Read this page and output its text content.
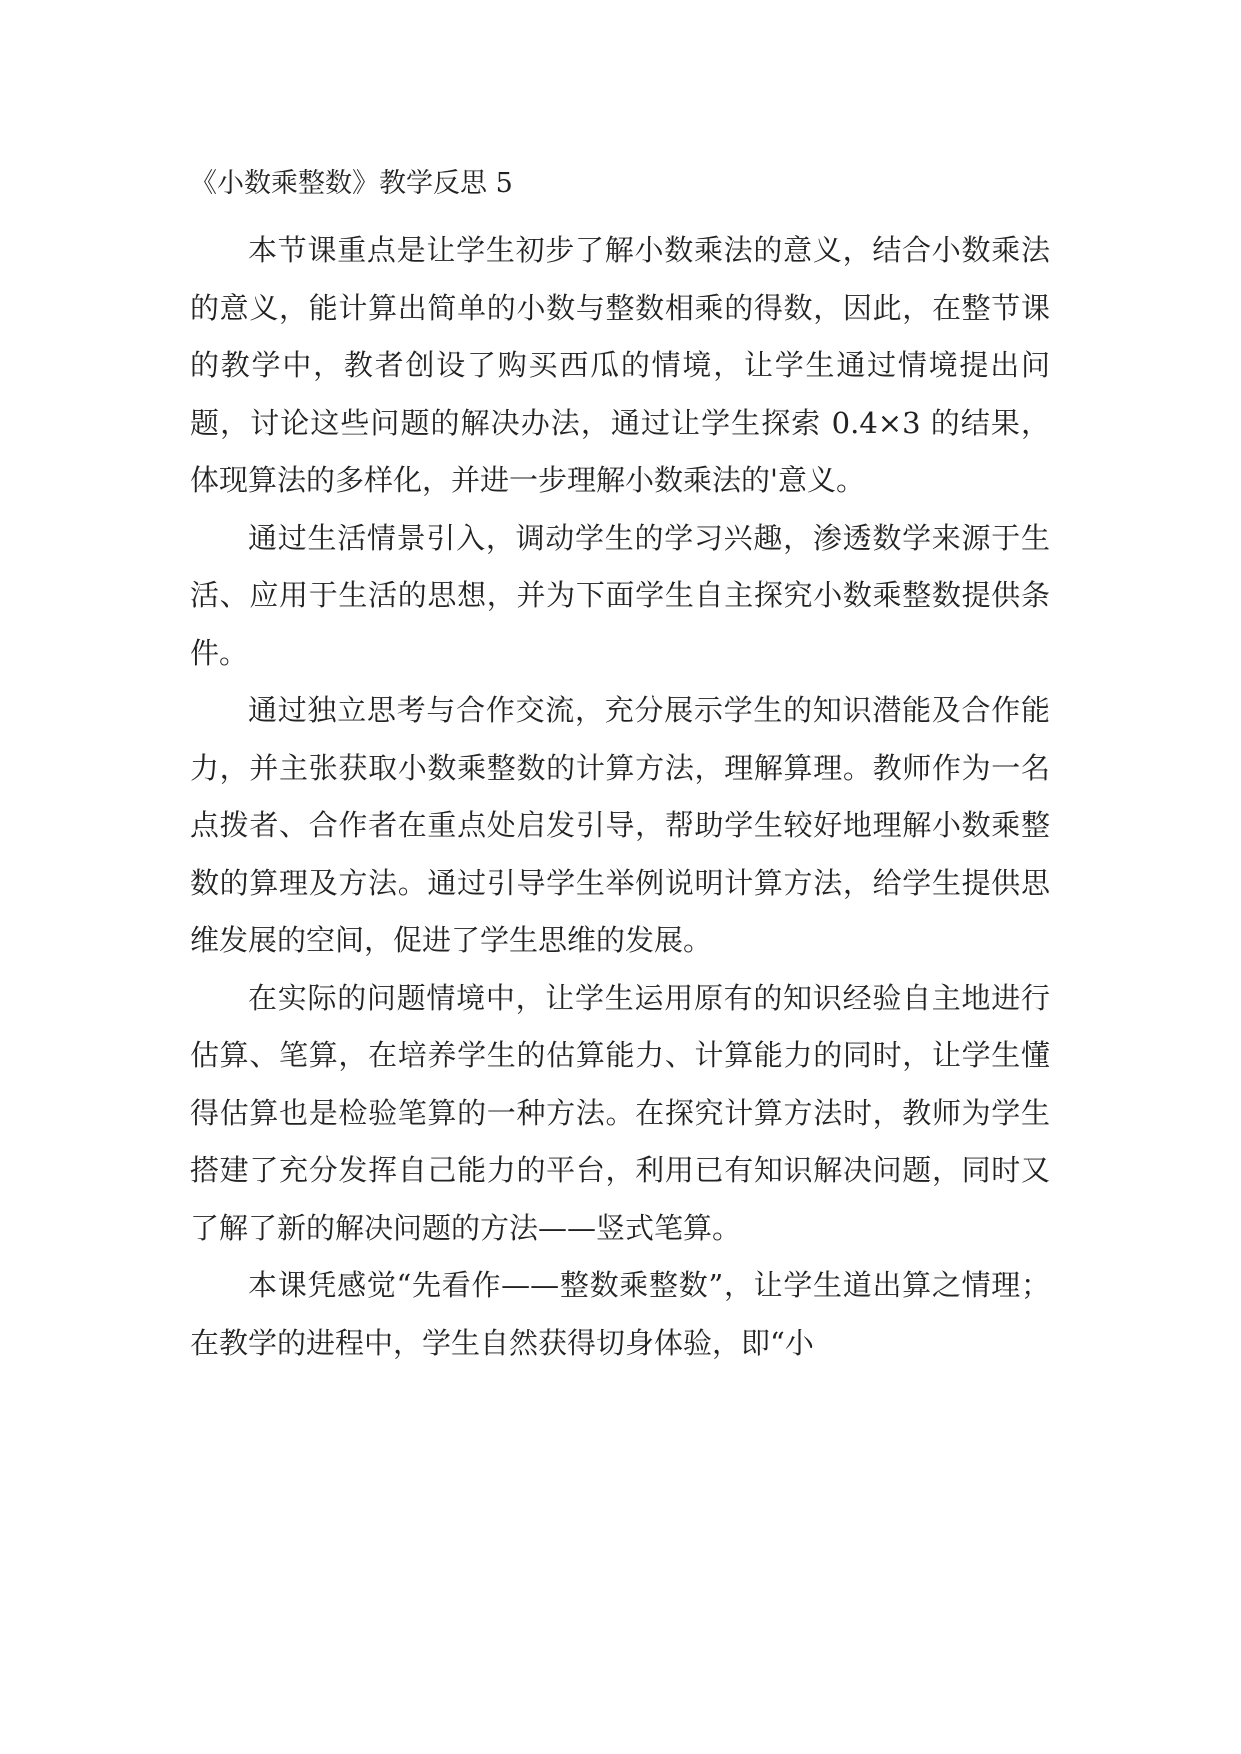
《小数乘整数》教学反思 5

本节课重点是让学生初步了解小数乘法的意义，结合小数乘法的意义，能计算出简单的小数与整数相乘的得数，因此，在整节课的教学中，教者创设了购买西瓜的情境，让学生通过情境提出问题，讨论这些问题的解决办法，通过让学生探索 0.4×3 的结果，体现算法的多样化，并进一步理解小数乘法的'意义。

通过生活情景引入，调动学生的学习兴趣，渗透数学来源于生活、应用于生活的思想，并为下面学生自主探究小数乘整数提供条件。

通过独立思考与合作交流，充分展示学生的知识潜能及合作能力，并主张获取小数乘整数的计算方法，理解算理。教师作为一名点拨者、合作者在重点处启发引导，帮助学生较好地理解小数乘整数的算理及方法。通过引导学生举例说明计算方法，给学生提供思维发展的空间，促进了学生思维的发展。

在实际的问题情境中，让学生运用原有的知识经验自主地进行估算、笔算，在培养学生的估算能力、计算能力的同时，让学生懂得估算也是检验笔算的一种方法。在探究计算方法时，教师为学生搭建了充分发挥自己能力的平台，利用已有知识解决问题，同时又了解了新的解决问题的方法——竖式笔算。

本课凭感觉“先看作——整数乘整数”，让学生道出算之情理；在教学的进程中，学生自然获得切身体验，即“小
